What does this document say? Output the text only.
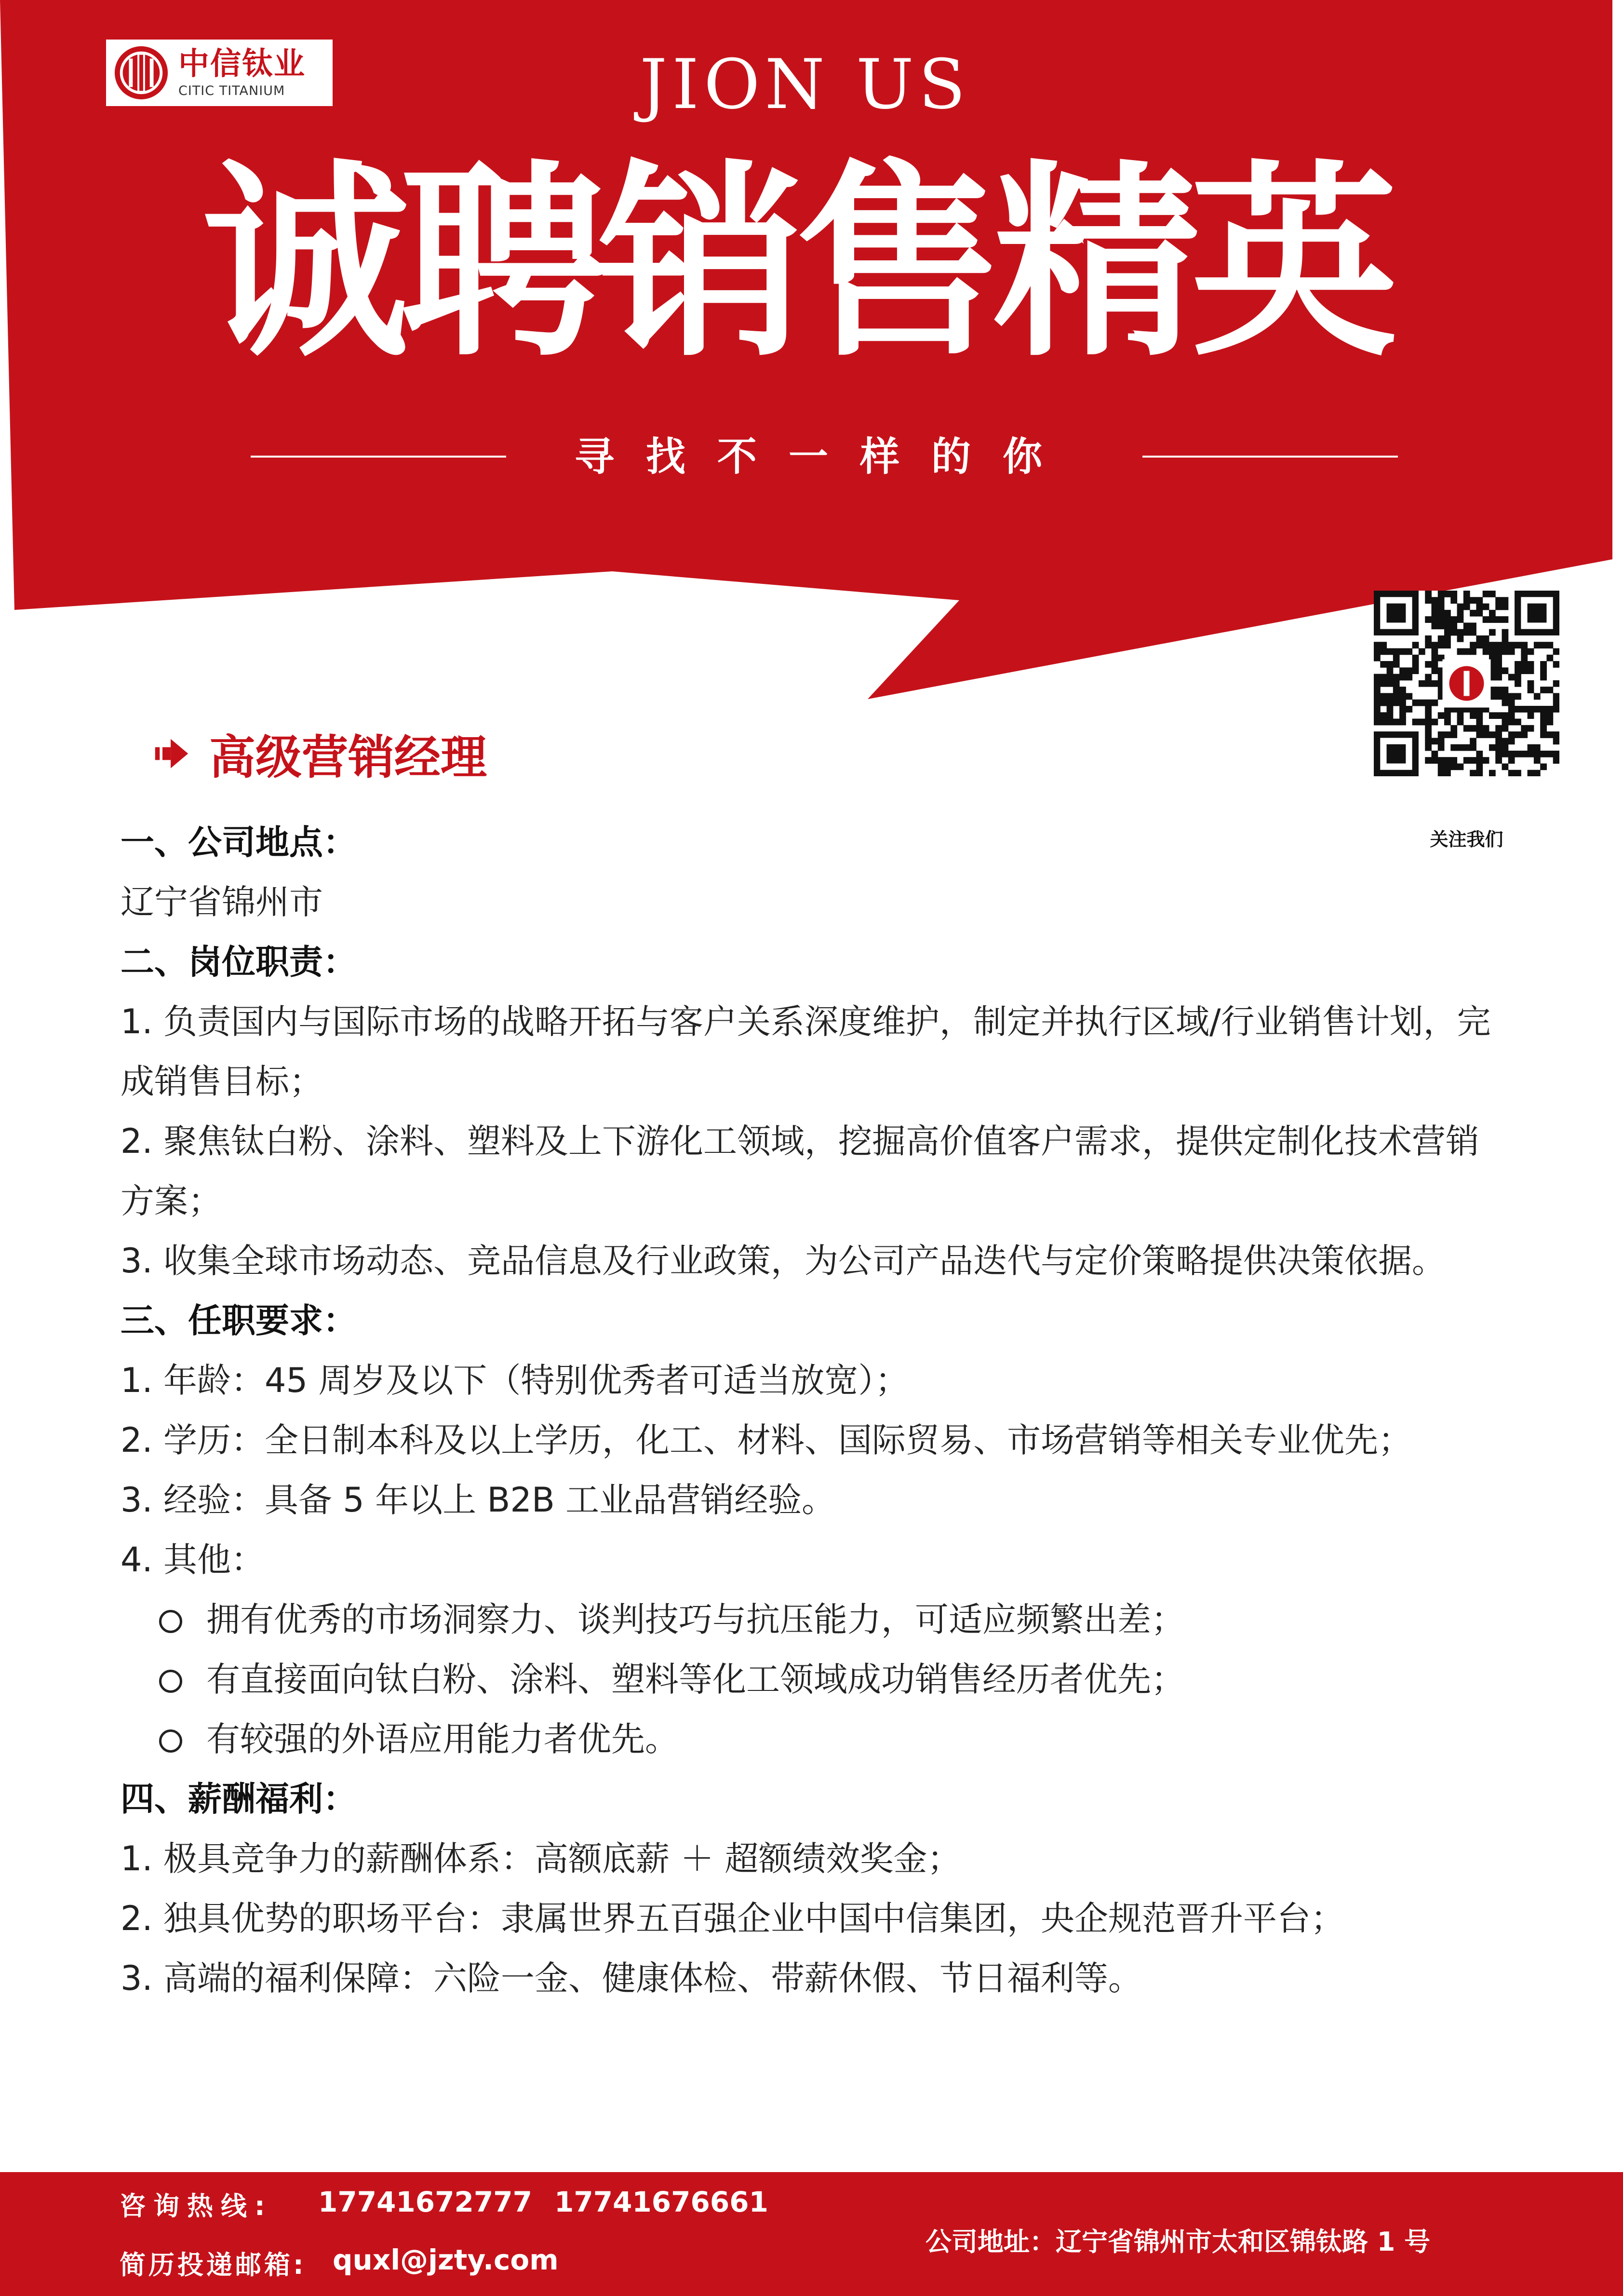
中信钛业
CITIC TITANIUM	JION US
诚聘销售精英
寻找不一样的你
关注我们
高级营销经理

一、公司地点：

辽宁省锦州市

二、岗位职责：

1. 负责国内与国际市场的战略开拓与客户关系深度维护，制定并执行区域/行业销售计划，完

成销售目标；

2. 聚焦钛白粉、涂料、塑料及上下游化工领域，挖掘高价值客户需求，提供定制化技术营销

方案；

3. 收集全球市场动态、竞品信息及行业政策，为公司产品迭代与定价策略提供决策依据。

三、任职要求：

1. 年龄：45 周岁及以下（特别优秀者可适当放宽）；

2. 学历：全日制本科及以上学历，化工、材料、国际贸易、市场营销等相关专业优先；

3. 经验：具备 5 年以上 B2B 工业品营销经验。

4. 其他：

拥有优秀的市场洞察力、谈判技巧与抗压能力，可适应频繁出差；

有直接面向钛白粉、涂料、塑料等化工领域成功销售经历者优先；

有较强的外语应用能力者优先。

四、薪酬福利：

1. 极具竞争力的薪酬体系：高额底薪 ＋ 超额绩效奖金；

2. 独具优势的职场平台：隶属世界五百强企业中国中信集团，央企规范晋升平台；

3. 高端的福利保障：六险一金、健康体检、带薪休假、节日福利等。

咨询热线: 17741672777 17741676661
简历投递邮箱: quxl@jzty.com
公司地址：辽宁省锦州市太和区锦钛路 1 号
